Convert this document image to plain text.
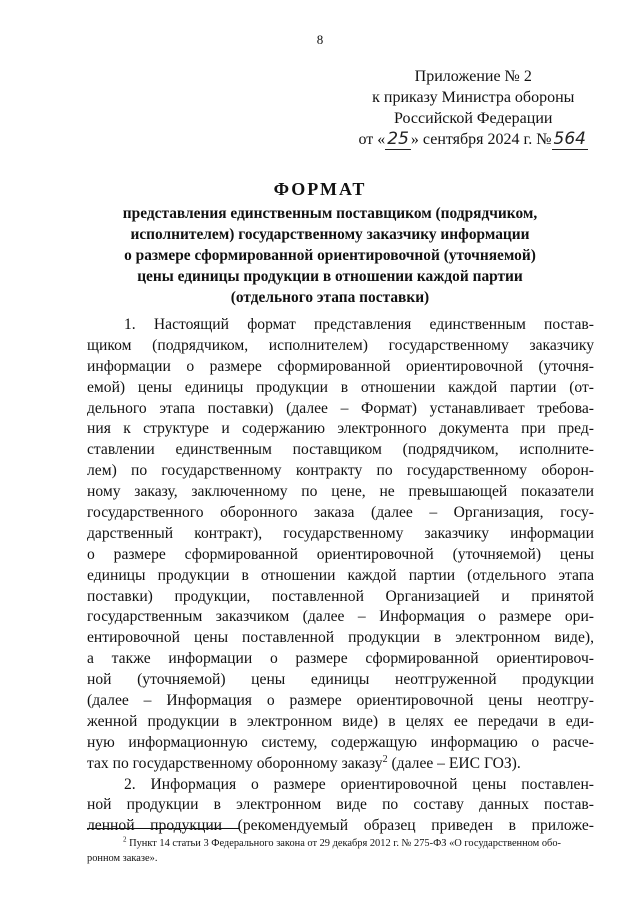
8
Приложение № 2
к приказу Министра обороны
Российской Федерации
от « 25 » сентября 2024 г. № 564
ФОРМАТ
представления единственным поставщиком (подрядчиком,
исполнителем) государственному заказчику информации
о размере сформированной ориентировочной (уточняемой)
цены единицы продукции в отношении каждой партии
(отдельного этапа поставки)
1. Настоящий формат представления единственным постав-
щиком (подрядчиком, исполнителем) государственному заказчику
информации о размере сформированной ориентировочной (уточня-
емой) цены единицы продукции в отношении каждой партии (от-
дельного этапа поставки) (далее – Формат) устанавливает требова-
ния к структуре и содержанию электронного документа при пред-
ставлении единственным поставщиком (подрядчиком, исполните-
лем) по государственному контракту по государственному оборон-
ному заказу, заключенному по цене, не превышающей показатели
государственного оборонного заказа (далее – Организация, госу-
дарственный контракт), государственному заказчику информации
о размере сформированной ориентировочной (уточняемой) цены
единицы продукции в отношении каждой партии (отдельного этапа
поставки) продукции, поставленной Организацией и принятой
государственным заказчиком (далее – Информация о размере ори-
ентировочной цены поставленной продукции в электронном виде),
а также информации о размере сформированной ориентировоч-
ной (уточняемой) цены единицы неотгруженной продукции
(далее – Информация о размере ориентировочной цены неотгру-
женной продукции в электронном виде) в целях ее передачи в еди-
ную информационную систему, содержащую информацию о расче-
тах по государственному оборонному заказу$^2$ (далее – ЕИС ГОЗ).
2. Информация о размере ориентировочной цены поставлен-
ной продукции в электронном виде по составу данных постав-
ленной продукции (рекомендуемый образец приведен в приложе-
$^2$ Пункт 14 статьи 3 Федерального закона от 29 декабря 2012 г. № 275-ФЗ «О государственном обо-
ронном заказе».
